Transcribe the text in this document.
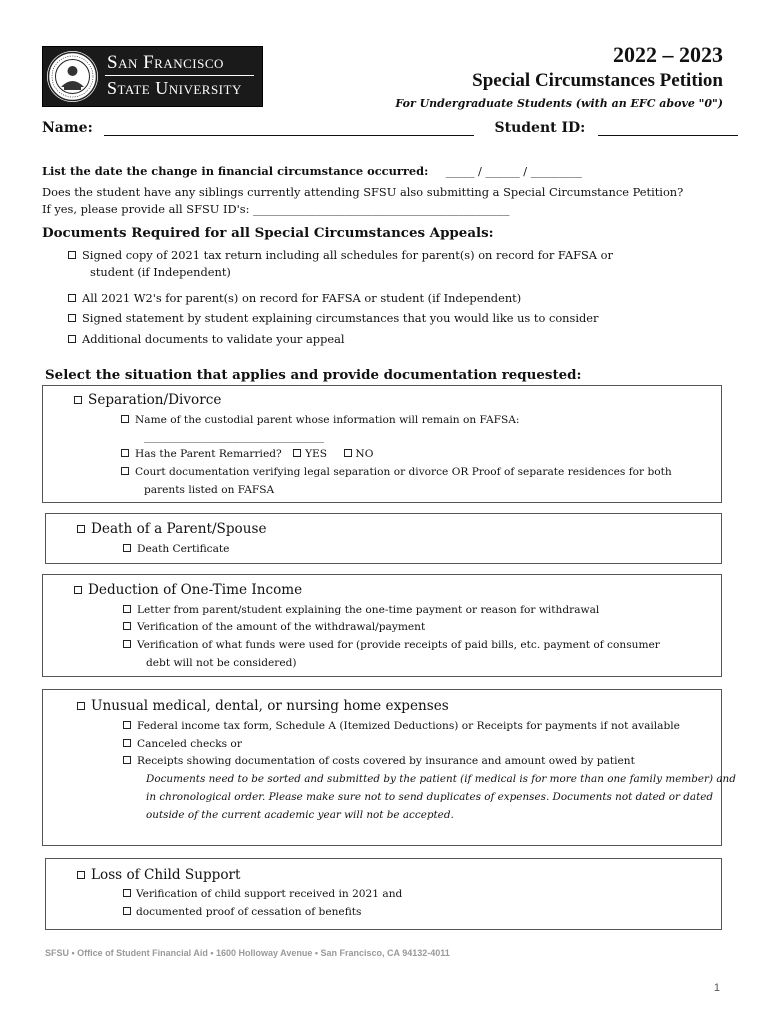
San Francisco
State University
2022 – 2023
Special Circumstances Petition
For Undergraduate Students (with an EFC above "0")
Name:	Student ID:
List the date the change in financial circumstance occurred: _____ / ______ / _________
Does the student have any siblings currently attending SFSU also submitting a Special Circumstance Petition?
If yes, please provide all SFSU ID's: _____________________________________________
Documents Required for all Special Circumstances Appeals:
Signed copy of 2021 tax return including all schedules for parent(s) on record for FAFSA or
student (if Independent)
All 2021 W2's for parent(s) on record for FAFSA or student (if Independent)
Signed statement by student explaining circumstances that you would like us to consider
Additional documents to validate your appeal
Select the situation that applies and provide documentation requested:
Separation/Divorce
Name of the custodial parent whose information will remain on FAFSA:
__________________________________
Has the Parent Remarried? YES	NO
Court documentation verifying legal separation or divorce OR Proof of separate residences for both
parents listed on FAFSA
Death of a Parent/Spouse
Death Certificate
Deduction of One-Time Income
Letter from parent/student explaining the one-time payment or reason for withdrawal
Verification of the amount of the withdrawal/payment
Verification of what funds were used for (provide receipts of paid bills, etc. payment of consumer
debt will not be considered)
Unusual medical, dental, or nursing home expenses
Federal income tax form, Schedule A (Itemized Deductions) or Receipts for payments if not available
Canceled checks or
Receipts showing documentation of costs covered by insurance and amount owed by patient
Documents need to be sorted and submitted by the patient (if medical is for more than one family member) and
in chronological order. Please make sure not to send duplicates of expenses. Documents not dated or dated
outside of the current academic year will not be accepted.
Loss of Child Support
Verification of child support received in 2021 and
documented proof of cessation of benefits
SFSU • Office of Student Financial Aid • 1600 Holloway Avenue • San Francisco, CA 94132-4011
1
